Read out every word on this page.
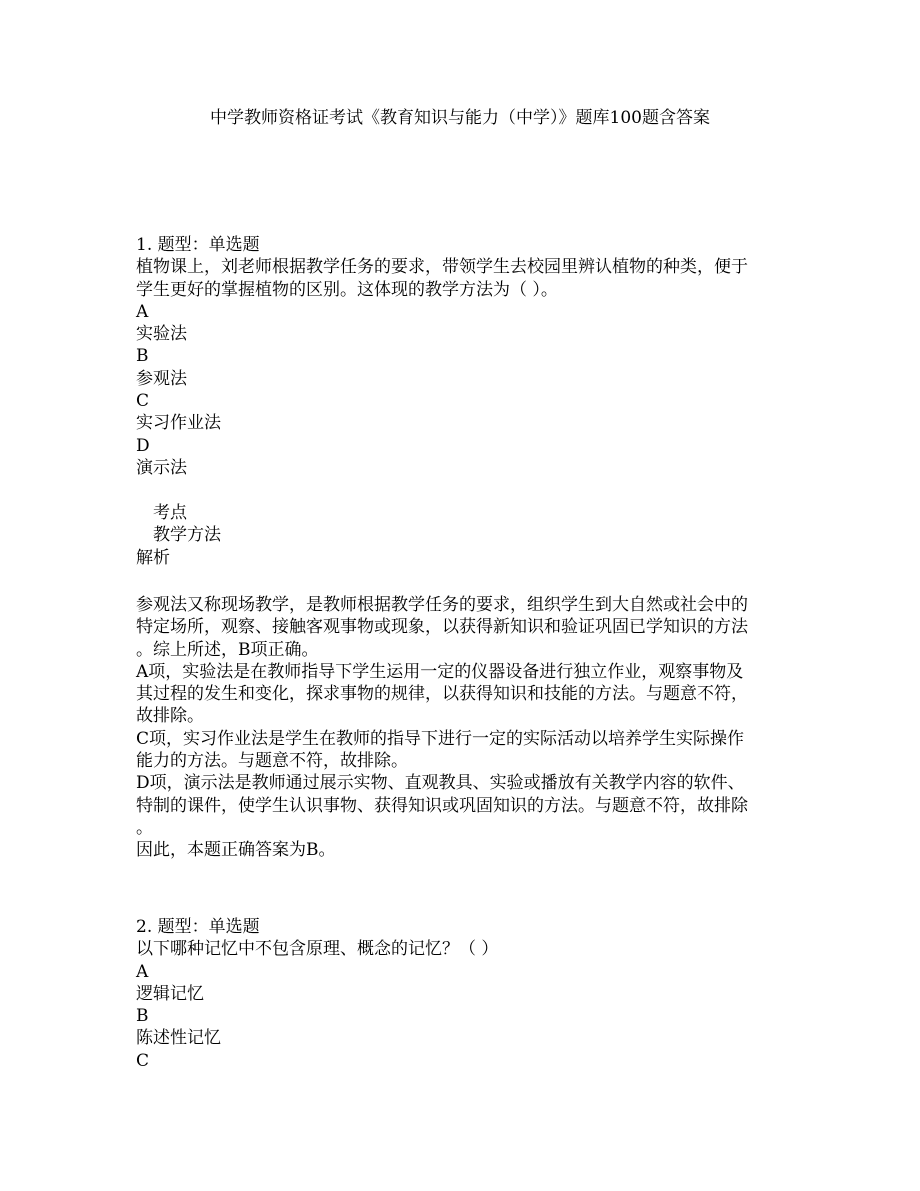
中学教师资格证考试《教育知识与能力（中学）》题库100题含答案
1. 题型：单选题
植物课上，刘老师根据教学任务的要求，带领学生去校园里辨认植物的种类，便于
学生更好的掌握植物的区别。这体现的教学方法为（ ）。
A
实验法
B
参观法
C
实习作业法
D
演示法
考点
教学方法
解析
参观法又称现场教学，是教师根据教学任务的要求，组织学生到大自然或社会中的
特定场所，观察、接触客观事物或现象，以获得新知识和验证巩固已学知识的方法
。综上所述，B项正确。
A项，实验法是在教师指导下学生运用一定的仪器设备进行独立作业，观察事物及
其过程的发生和变化，探求事物的规律，以获得知识和技能的方法。与题意不符，
故排除。
C项，实习作业法是学生在教师的指导下进行一定的实际活动以培养学生实际操作
能力的方法。与题意不符，故排除。
D项，演示法是教师通过展示实物、直观教具、实验或播放有关教学内容的软件、
特制的课件，使学生认识事物、获得知识或巩固知识的方法。与题意不符，故排除
。
因此，本题正确答案为B。
2. 题型：单选题
以下哪种记忆中不包含原理、概念的记忆？（ ）
A
逻辑记忆
B
陈述性记忆
C
